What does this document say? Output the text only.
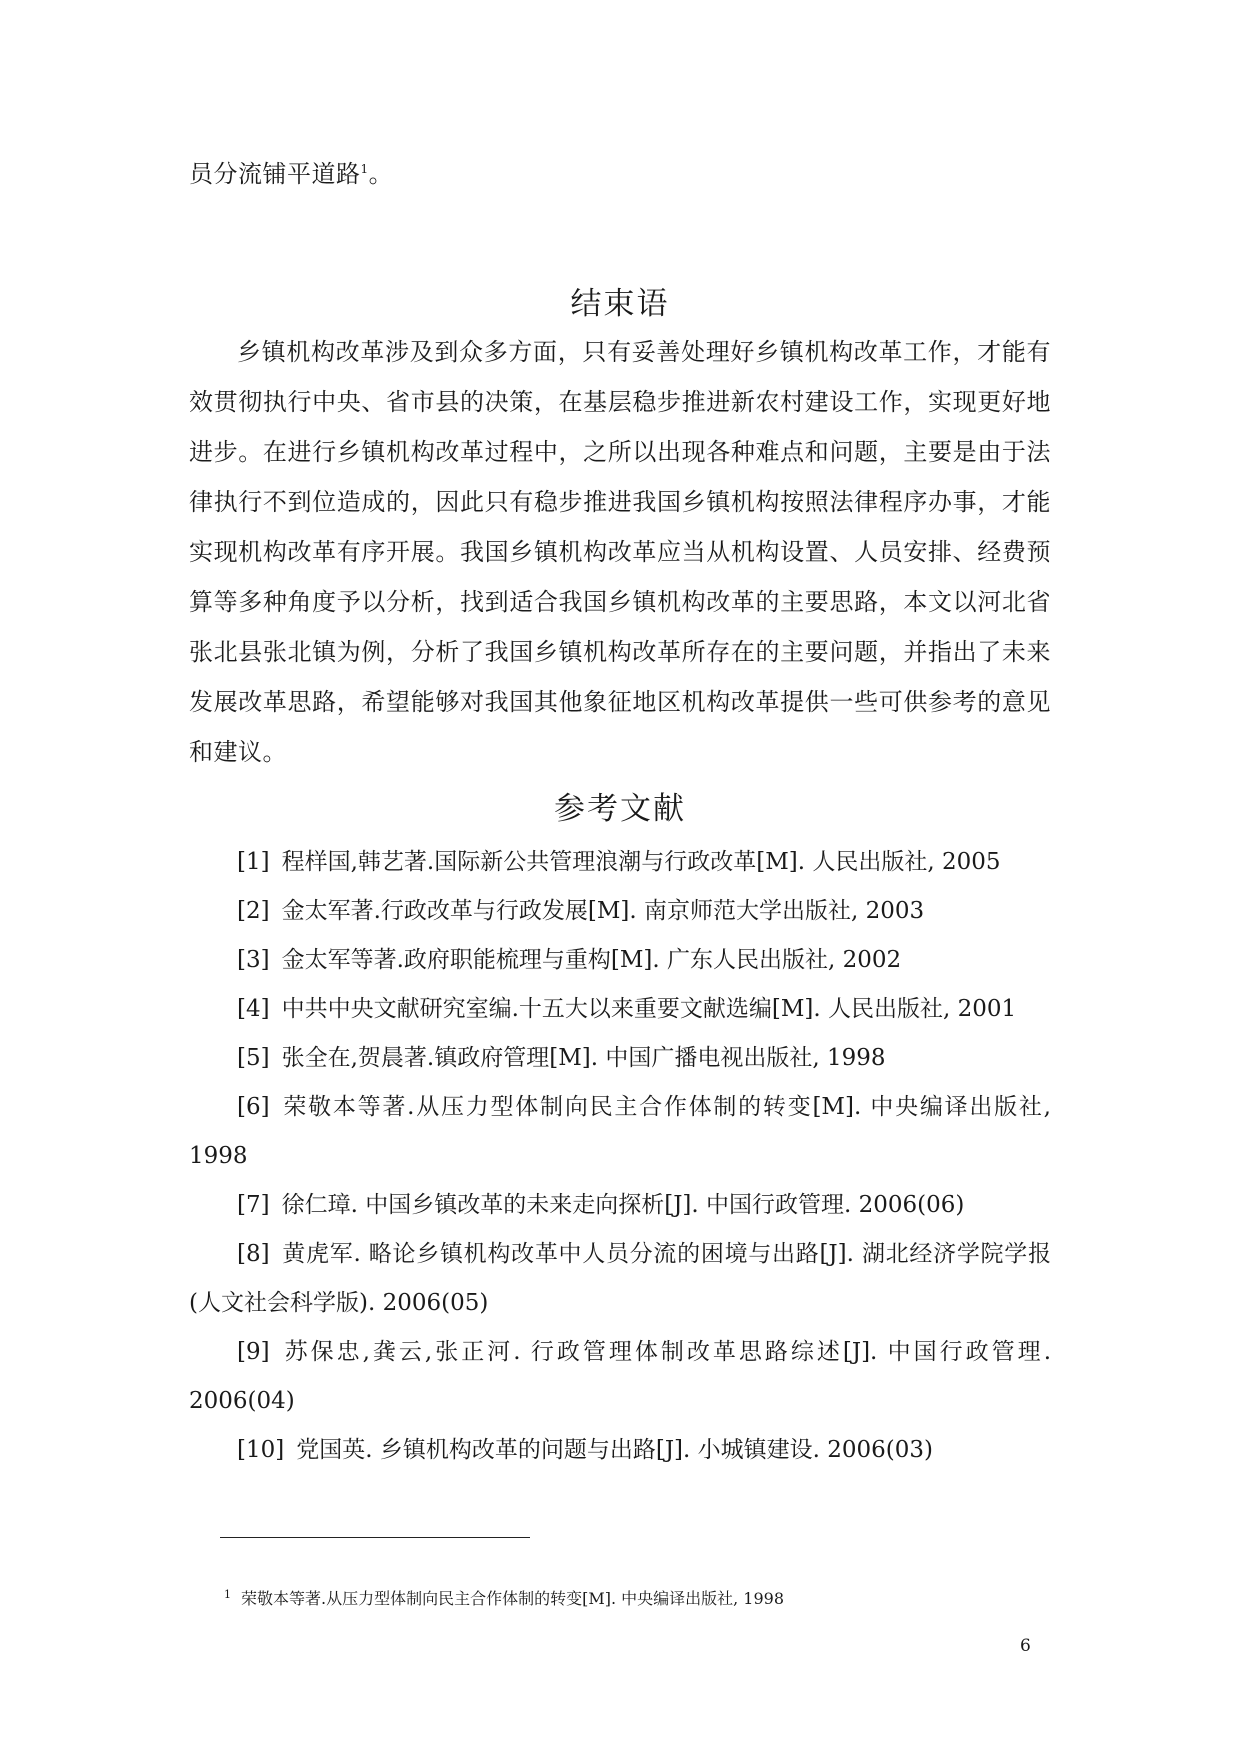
员分流铺平道路$^1$。
结束语
乡镇机构改革涉及到众多方面，只有妥善处理好乡镇机构改革工作，才能有效贯彻执行中央、省市县的决策，在基层稳步推进新农村建设工作，实现更好地进步。在进行乡镇机构改革过程中，之所以出现各种难点和问题，主要是由于法律执行不到位造成的，因此只有稳步推进我国乡镇机构按照法律程序办事，才能实现机构改革有序开展。我国乡镇机构改革应当从机构设置、人员安排、经费预算等多种角度予以分析，找到适合我国乡镇机构改革的主要思路，本文以河北省张北县张北镇为例，分析了我国乡镇机构改革所存在的主要问题，并指出了未来发展改革思路，希望能够对我国其他象征地区机构改革提供一些可供参考的意见和建议。
参考文献
[1] 程样国,韩艺著.国际新公共管理浪潮与行政改革[M]. 人民出版社, 2005
[2] 金太军著.行政改革与行政发展[M]. 南京师范大学出版社, 2003
[3] 金太军等著.政府职能梳理与重构[M]. 广东人民出版社, 2002
[4] 中共中央文献研究室编.十五大以来重要文献选编[M]. 人民出版社, 2001
[5] 张全在,贺晨著.镇政府管理[M]. 中国广播电视出版社, 1998
[6] 荣敬本等著.从压力型体制向民主合作体制的转变[M]. 中央编译出版社, 1998
[7] 徐仁璋. 中国乡镇改革的未来走向探析[J]. 中国行政管理. 2006(06)
[8] 黄虎军. 略论乡镇机构改革中人员分流的困境与出路[J]. 湖北经济学院学报(人文社会科学版). 2006(05)
[9] 苏保忠,龚云,张正河. 行政管理体制改革思路综述[J]. 中国行政管理. 2006(04)
[10] 党国英. 乡镇机构改革的问题与出路[J]. 小城镇建设. 2006(03)
$^1$ 荣敬本等著.从压力型体制向民主合作体制的转变[M]. 中央编译出版社, 1998
6
